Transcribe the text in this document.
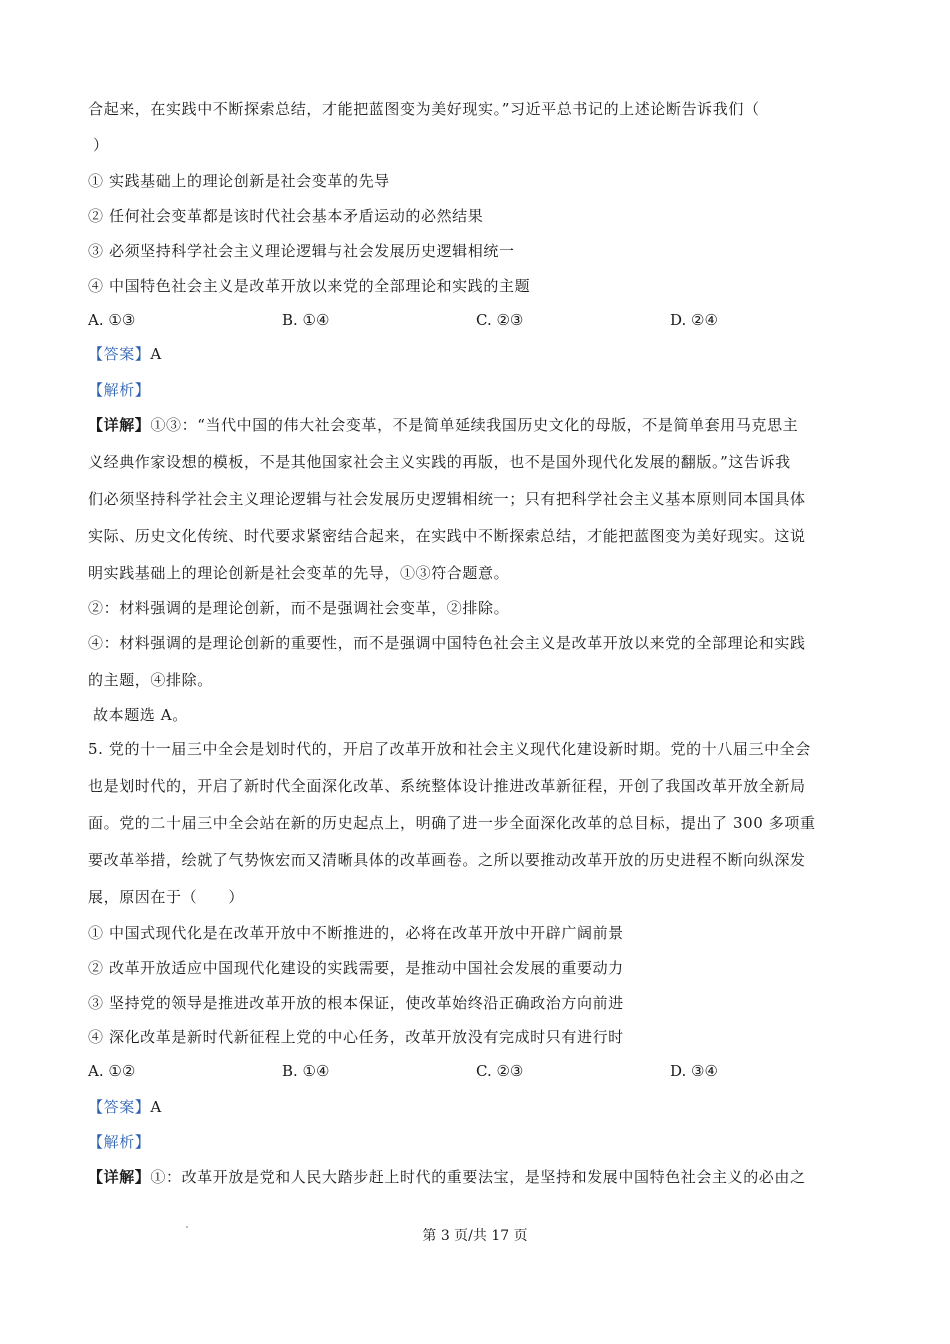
合起来，在实践中不断探索总结，才能把蓝图变为美好现实。”习近平总书记的上述论断告诉我们（
）
① 实践基础上的理论创新是社会变革的先导
② 任何社会变革都是该时代社会基本矛盾运动的必然结果
③ 必须坚持科学社会主义理论逻辑与社会发展历史逻辑相统一
④ 中国特色社会主义是改革开放以来党的全部理论和实践的主题
A. ①③	B. ①④	C. ②③	D. ②④
【答案】A
【解析】
【详解】①③：“当代中国的伟大社会变革，不是简单延续我国历史文化的母版，不是简单套用马克思主
义经典作家设想的模板，不是其他国家社会主义实践的再版，也不是国外现代化发展的翻版。”这告诉我
们必须坚持科学社会主义理论逻辑与社会发展历史逻辑相统一；只有把科学社会主义基本原则同本国具体
实际、历史文化传统、时代要求紧密结合起来，在实践中不断探索总结，才能把蓝图变为美好现实。这说
明实践基础上的理论创新是社会变革的先导，①③符合题意。
②：材料强调的是理论创新，而不是强调社会变革，②排除。
④：材料强调的是理论创新的重要性，而不是强调中国特色社会主义是改革开放以来党的全部理论和实践
的主题，④排除。
故本题选 A。
5. 党的十一届三中全会是划时代的，开启了改革开放和社会主义现代化建设新时期。党的十八届三中全会
也是划时代的，开启了新时代全面深化改革、系统整体设计推进改革新征程，开创了我国改革开放全新局
面。党的二十届三中全会站在新的历史起点上，明确了进一步全面深化改革的总目标，提出了 300 多项重
要改革举措，绘就了气势恢宏而又清晰具体的改革画卷。之所以要推动改革开放的历史进程不断向纵深发
展，原因在于（　　）
① 中国式现代化是在改革开放中不断推进的，必将在改革开放中开辟广阔前景
② 改革开放适应中国现代化建设的实践需要，是推动中国社会发展的重要动力
③ 坚持党的领导是推进改革开放的根本保证，使改革始终沿正确政治方向前进
④ 深化改革是新时代新征程上党的中心任务，改革开放没有完成时只有进行时
A. ①②	B. ①④	C. ②③	D. ③④
【答案】A
【解析】
【详解】①：改革开放是党和人民大踏步赶上时代的重要法宝，是坚持和发展中国特色社会主义的必由之
第 3 页/共 17 页
